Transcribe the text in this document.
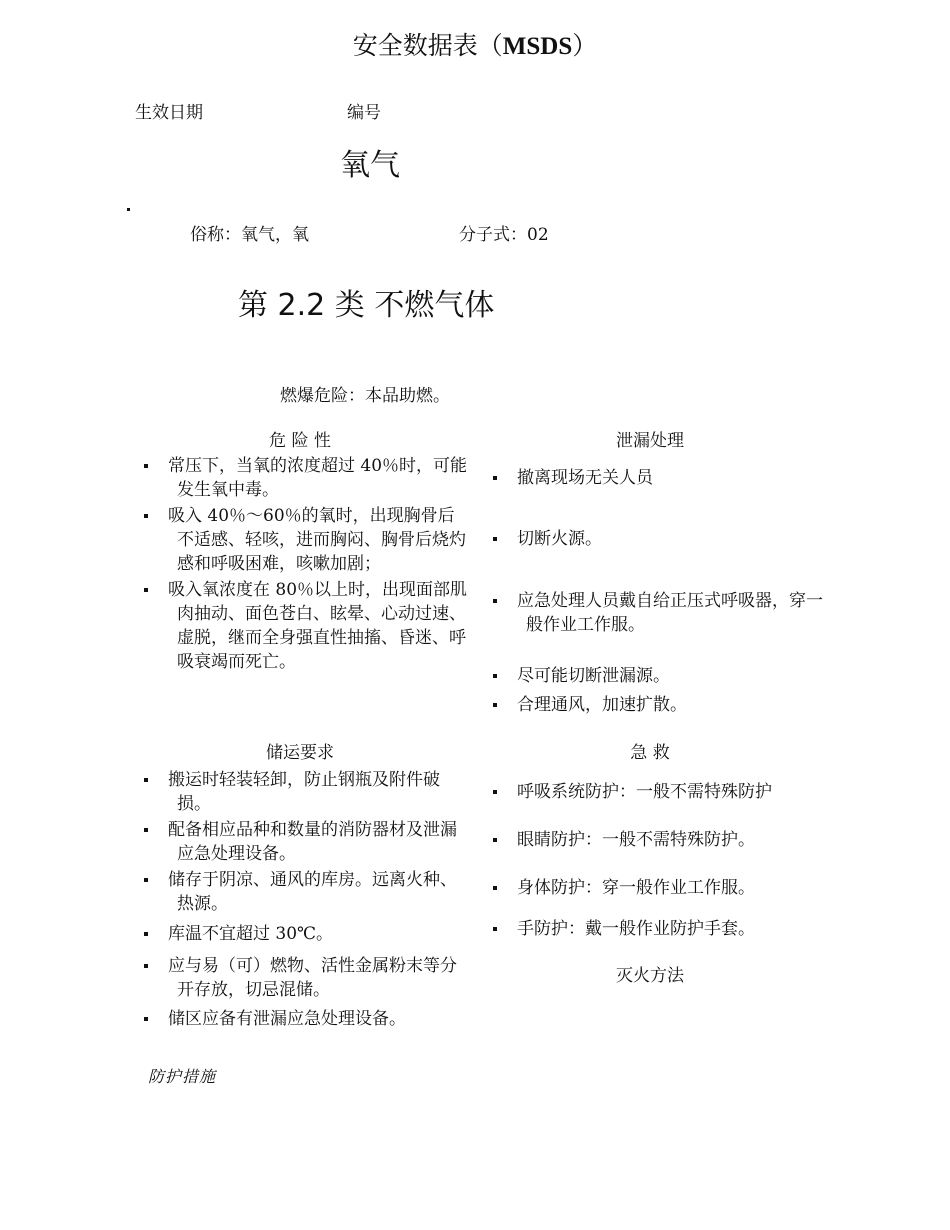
安全数据表（MSDS）
生效日期	编号
氧气
俗称：氧气，氧	分子式：02
第 2.2 类 不燃气体
燃爆危险：本品助燃。
危 险 性
常压下，当氧的浓度超过 40％时，可能发生氧中毒。
吸入 40％～60％的氧时，出现胸骨后不适感、轻咳，进而胸闷、胸骨后烧灼感和呼吸困难，咳嗽加剧；
吸入氧浓度在 80％以上时，出现面部肌肉抽动、面色苍白、眩晕、心动过速、虚脱，继而全身强直性抽搐、昏迷、呼吸衰竭而死亡。
泄漏处理
撤离现场无关人员
切断火源。
应急处理人员戴自给正压式呼吸器，穿一般作业工作服。
尽可能切断泄漏源。
合理通风，加速扩散。
储运要求
搬运时轻装轻卸，防止钢瓶及附件破损。
配备相应品种和数量的消防器材及泄漏应急处理设备。
储存于阴凉、通风的库房。远离火种、热源。
库温不宜超过 30℃。
应与易（可）燃物、活性金属粉末等分开存放，切忌混储。
储区应备有泄漏应急处理设备。
急 救
呼吸系统防护：一般不需特殊防护
眼睛防护：一般不需特殊防护。
身体防护：穿一般作业工作服。
手防护：戴一般作业防护手套。
灭火方法
防护措施
